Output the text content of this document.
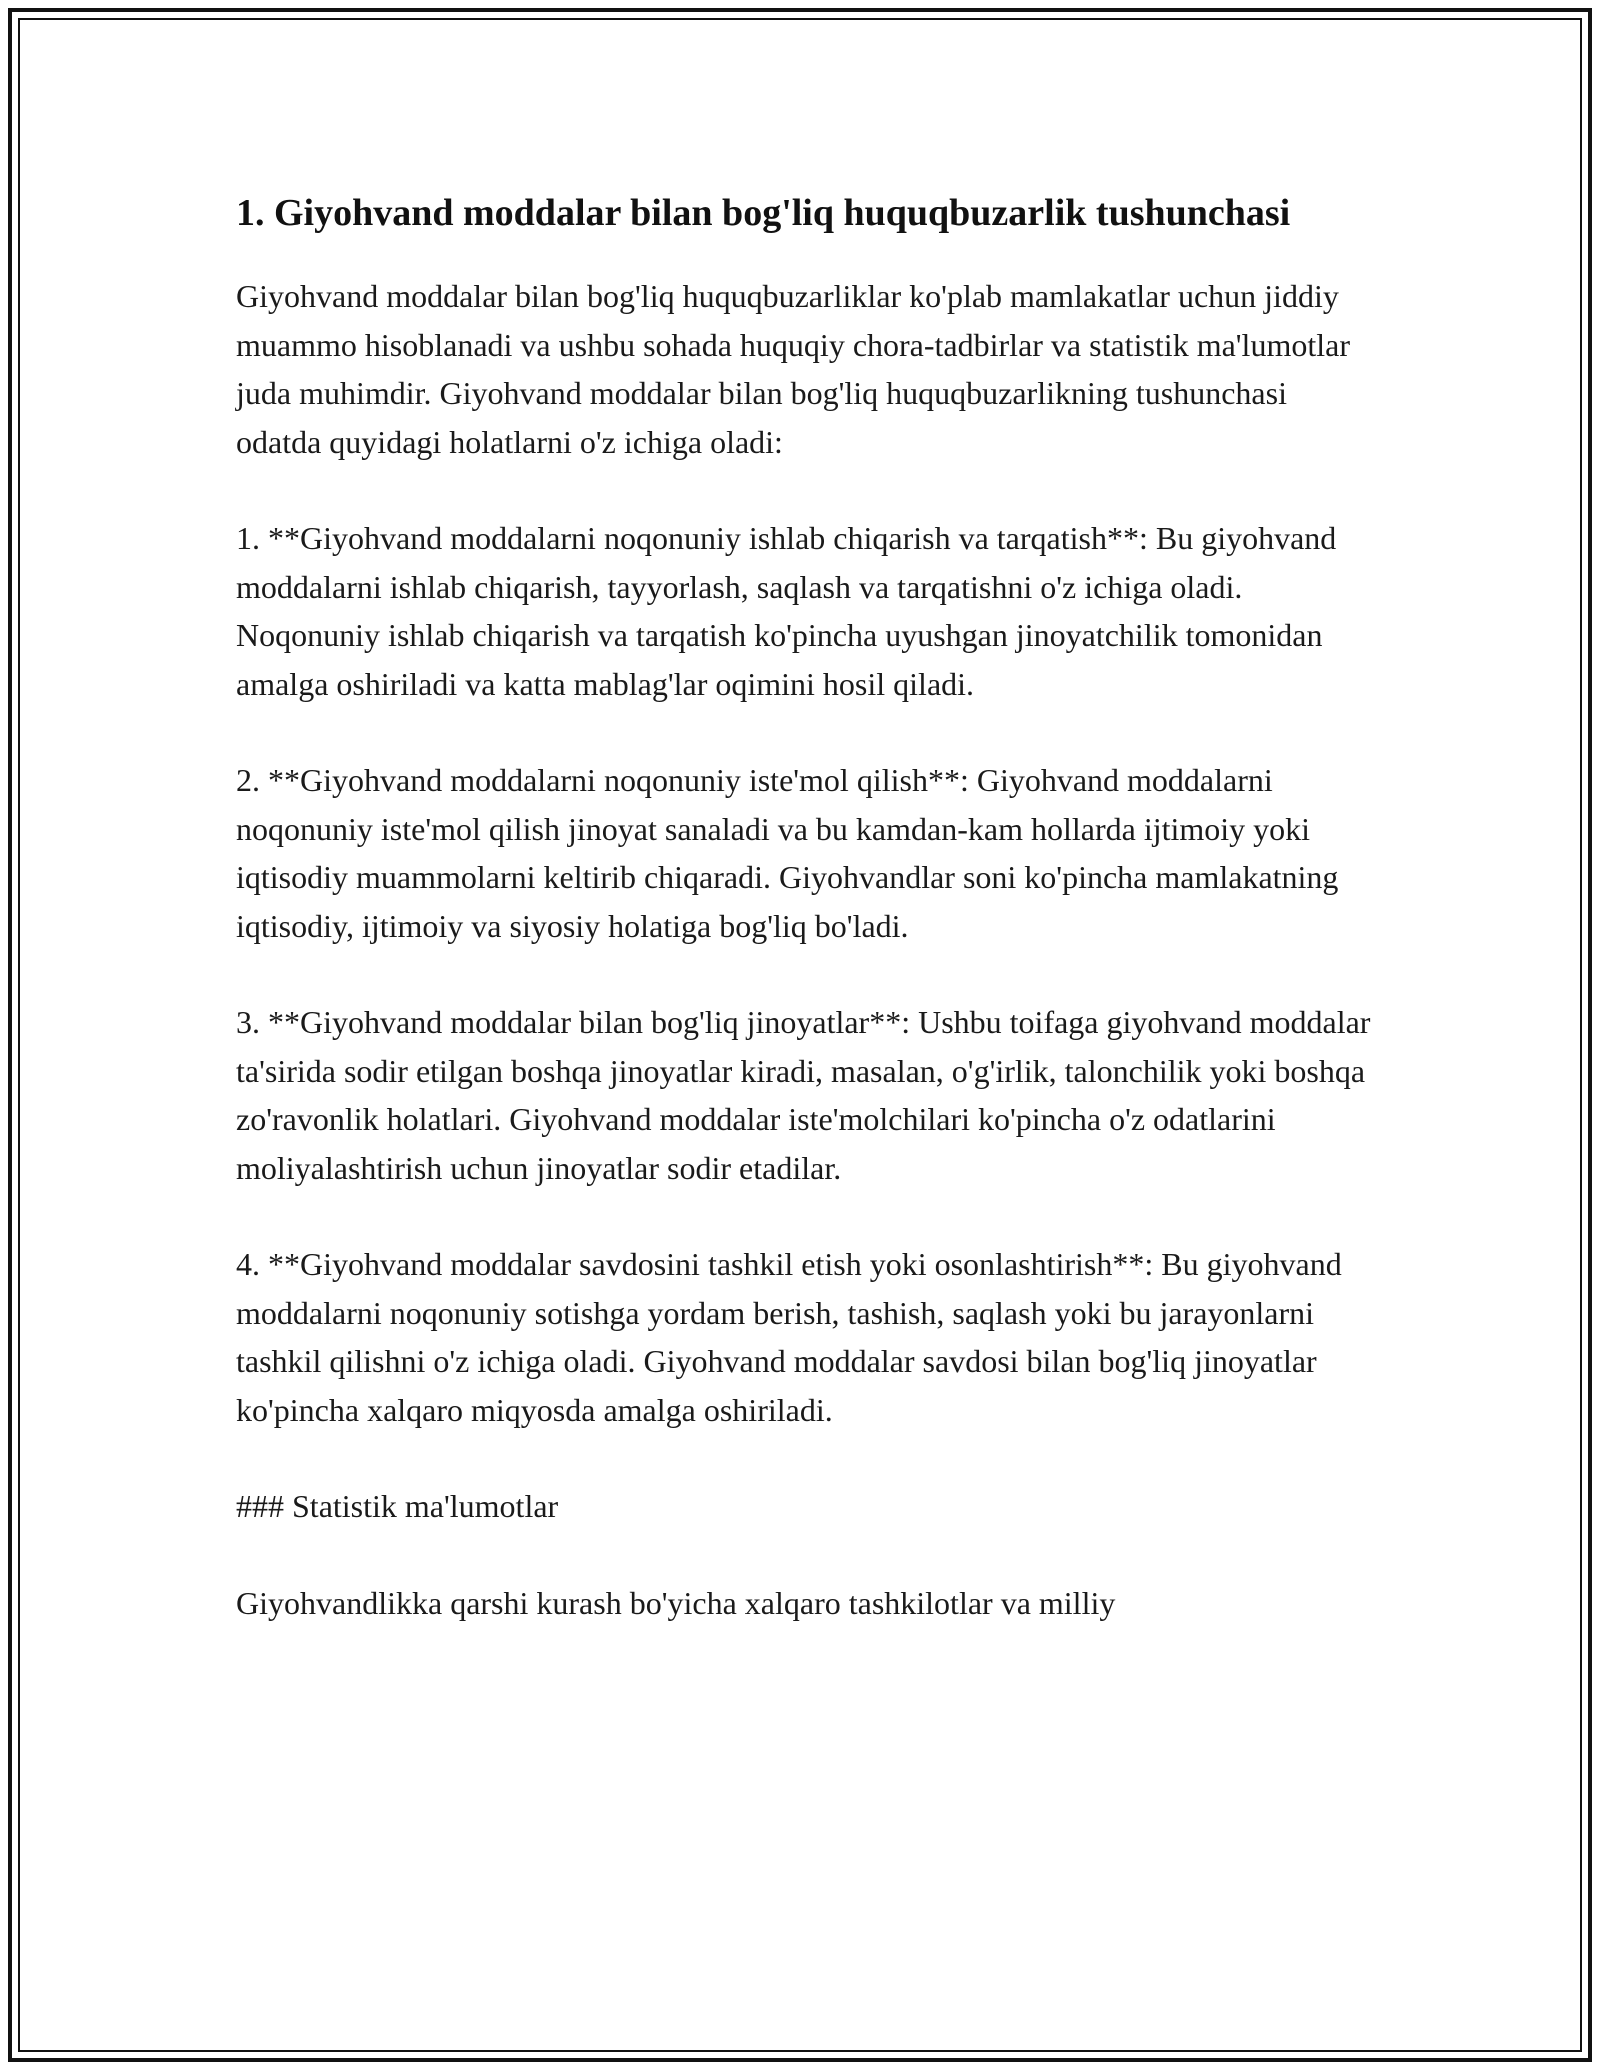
1. Giyohvand moddalar bilan bog'liq huquqbuzarlik tushunchasi

Giyohvand moddalar bilan bog'liq huquqbuzarliklar ko'plab mamlakatlar uchun jiddiy muammo hisoblanadi va ushbu sohada huquqiy chora-tadbirlar va statistik ma'lumotlar juda muhimdir. Giyohvand moddalar bilan bog'liq huquqbuzarlikning tushunchasi odatda quyidagi holatlarni o'z ichiga oladi:

1. **Giyohvand moddalarni noqonuniy ishlab chiqarish va tarqatish**: Bu giyohvand moddalarni ishlab chiqarish, tayyorlash, saqlash va tarqatishni o'z ichiga oladi. Noqonuniy ishlab chiqarish va tarqatish ko'pincha uyushgan jinoyatchilik tomonidan amalga oshiriladi va katta mablag'lar oqimini hosil qiladi.

2. **Giyohvand moddalarni noqonuniy iste'mol qilish**: Giyohvand moddalarni noqonuniy iste'mol qilish jinoyat sanaladi va bu kamdan-kam hollarda ijtimoiy yoki iqtisodiy muammolarni keltirib chiqaradi. Giyohvandlar soni ko'pincha mamlakatning iqtisodiy, ijtimoiy va siyosiy holatiga bog'liq bo'ladi.

3. **Giyohvand moddalar bilan bog'liq jinoyatlar**: Ushbu toifaga giyohvand moddalar ta'sirida sodir etilgan boshqa jinoyatlar kiradi, masalan, o'g'irlik, talonchilik yoki boshqa zo'ravonlik holatlari. Giyohvand moddalar iste'molchilari ko'pincha o'z odatlarini moliyalashtirish uchun jinoyatlar sodir etadilar.

4. **Giyohvand moddalar savdosini tashkil etish yoki osonlashtirish**: Bu giyohvand moddalarni noqonuniy sotishga yordam berish, tashish, saqlash yoki bu jarayonlarni tashkil qilishni o'z ichiga oladi. Giyohvand moddalar savdosi bilan bog'liq jinoyatlar ko'pincha xalqaro miqyosda amalga oshiriladi.

### Statistik ma'lumotlar

Giyohvandlikka qarshi kurash bo'yicha xalqaro tashkilotlar va milliy
